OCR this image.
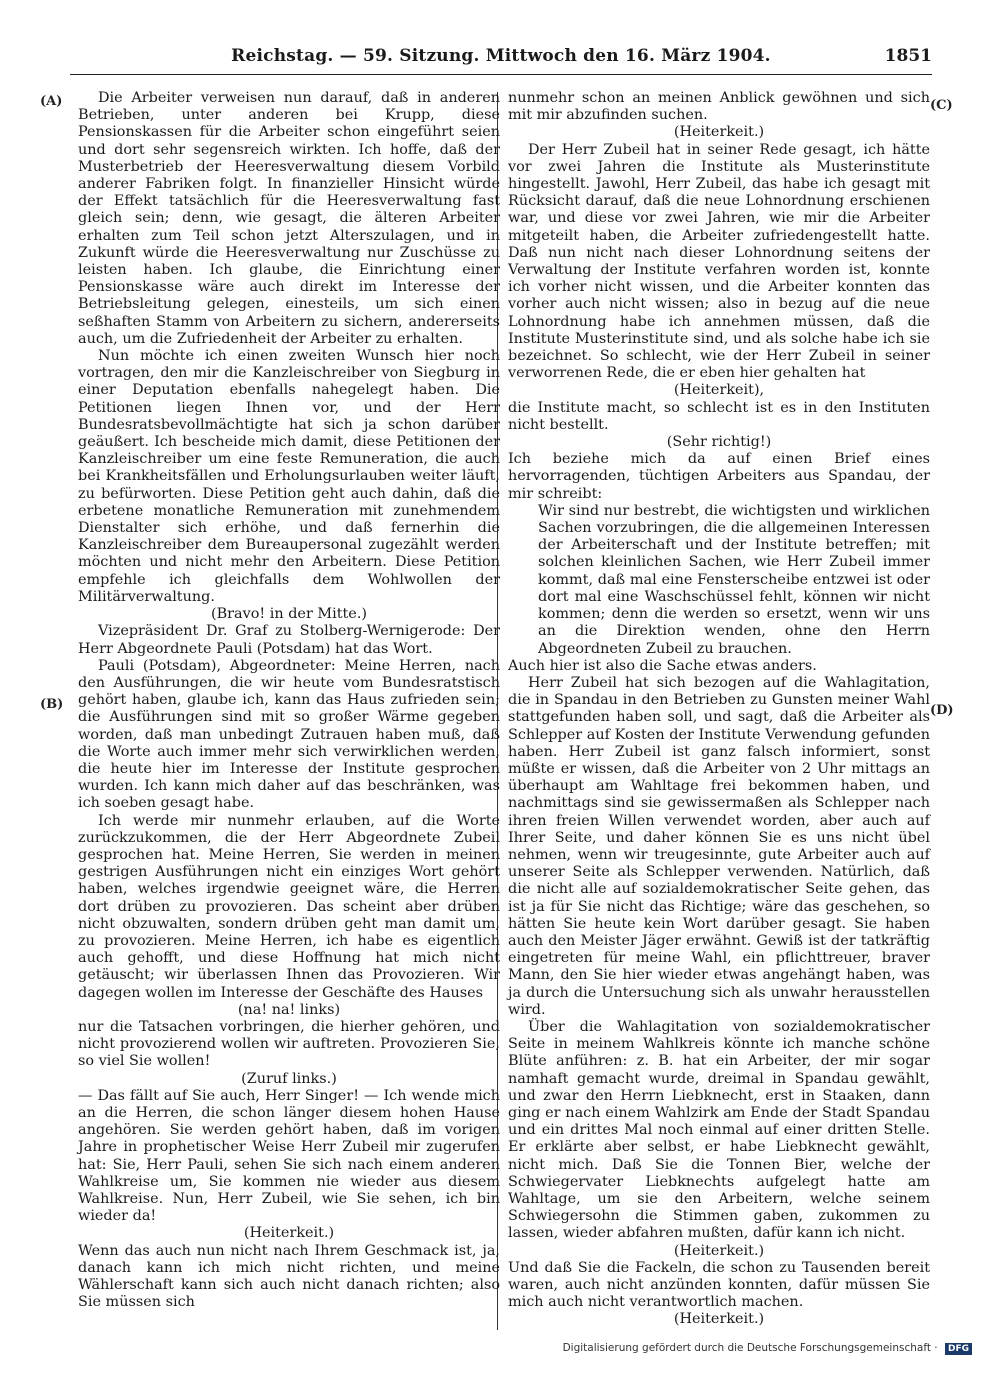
Reichstag. — 59. Sitzung. Mittwoch den 16. März 1904.	1851
(A)
(B)
(C)
(D)

Die Arbeiter verweisen nun darauf, daß in anderen Betrieben, unter anderen bei Krupp, diese Pensionskassen für die Arbeiter schon eingeführt seien und dort sehr segensreich wirkten. Ich hoffe, daß der Musterbetrieb der Heeresverwaltung diesem Vorbild anderer Fabriken folgt. In finanzieller Hinsicht würde der Effekt tatsächlich für die Heeresverwaltung fast gleich sein; denn, wie gesagt, die älteren Arbeiter erhalten zum Teil schon jetzt Alterszulagen, und in Zukunft würde die Heeresverwaltung nur Zuschüsse zu leisten haben. Ich glaube, die Einrichtung einer Pensionskasse wäre auch direkt im Interesse der Betriebsleitung gelegen, einesteils, um sich einen seßhaften Stamm von Arbeitern zu sichern, andererseits auch, um die Zufriedenheit der Arbeiter zu erhalten.

Nun möchte ich einen zweiten Wunsch hier noch vortragen, den mir die Kanzleischreiber von Siegburg in einer Deputation ebenfalls nahegelegt haben. Die Petitionen liegen Ihnen vor, und der Herr Bundesratsbevollmächtigte hat sich ja schon darüber geäußert. Ich bescheide mich damit, diese Petitionen der Kanzleischreiber um eine feste Remuneration, die auch bei Krankheitsfällen und Erholungsurlauben weiter läuft, zu befürworten. Diese Petition geht auch dahin, daß die erbetene monatliche Remuneration mit zunehmendem Dienstalter sich erhöhe, und daß fernerhin die Kanzleischreiber dem Bureaupersonal zugezählt werden möchten und nicht mehr den Arbeitern. Diese Petition empfehle ich gleichfalls dem Wohlwollen der Militärverwaltung.

(Bravo! in der Mitte.)

Vizepräsident Dr. Graf zu Stolberg-Wernigerode: Der Herr Abgeordnete Pauli (Potsdam) hat das Wort.

Pauli (Potsdam), Abgeordneter: Meine Herren, nach den Ausführungen, die wir heute vom Bundesratstisch gehört haben, glaube ich, kann das Haus zufrieden sein; die Ausführungen sind mit so großer Wärme gegeben worden, daß man unbedingt Zutrauen haben muß, daß die Worte auch immer mehr sich verwirklichen werden, die heute hier im Interesse der Institute gesprochen wurden. Ich kann mich daher auf das beschränken, was ich soeben gesagt habe.

Ich werde mir nunmehr erlauben, auf die Worte zurückzukommen, die der Herr Abgeordnete Zubeil gesprochen hat. Meine Herren, Sie werden in meinen gestrigen Ausführungen nicht ein einziges Wort gehört haben, welches irgendwie geeignet wäre, die Herren dort drüben zu provozieren. Das scheint aber drüben nicht obzuwalten, sondern drüben geht man damit um, zu provozieren. Meine Herren, ich habe es eigentlich auch gehofft, und diese Hoffnung hat mich nicht getäuscht; wir überlassen Ihnen das Provozieren. Wir dagegen wollen im Interesse der Geschäfte des Hauses

(na! na! links)

nur die Tatsachen vorbringen, die hierher gehören, und nicht provozierend wollen wir auftreten. Provozieren Sie, so viel Sie wollen!

(Zuruf links.)

— Das fällt auf Sie auch, Herr Singer! — Ich wende mich an die Herren, die schon länger diesem hohen Hause angehören. Sie werden gehört haben, daß im vorigen Jahre in prophetischer Weise Herr Zubeil mir zugerufen hat: Sie, Herr Pauli, sehen Sie sich nach einem anderen Wahlkreise um, Sie kommen nie wieder aus diesem Wahlkreise. Nun, Herr Zubeil, wie Sie sehen, ich bin wieder da!

(Heiterkeit.)

Wenn das auch nun nicht nach Ihrem Geschmack ist, ja, danach kann ich mich nicht richten, und meine Wählerschaft kann sich auch nicht danach richten; also Sie müssen sich

nunmehr schon an meinen Anblick gewöhnen und sich mit mir abzufinden suchen.

(Heiterkeit.)

Der Herr Zubeil hat in seiner Rede gesagt, ich hätte vor zwei Jahren die Institute als Musterinstitute hingestellt. Jawohl, Herr Zubeil, das habe ich gesagt mit Rücksicht darauf, daß die neue Lohnordnung erschienen war, und diese vor zwei Jahren, wie mir die Arbeiter mitgeteilt haben, die Arbeiter zufriedengestellt hatte. Daß nun nicht nach dieser Lohnordnung seitens der Verwaltung der Institute verfahren worden ist, konnte ich vorher nicht wissen, und die Arbeiter konnten das vorher auch nicht wissen; also in bezug auf die neue Lohnordnung habe ich annehmen müssen, daß die Institute Musterinstitute sind, und als solche habe ich sie bezeichnet. So schlecht, wie der Herr Zubeil in seiner verworrenen Rede, die er eben hier gehalten hat

(Heiterkeit),

die Institute macht, so schlecht ist es in den Instituten nicht bestellt.

(Sehr richtig!)

Ich beziehe mich da auf einen Brief eines hervorragenden, tüchtigen Arbeiters aus Spandau, der mir schreibt:

Wir sind nur bestrebt, die wichtigsten und wirklichen Sachen vorzubringen, die die allgemeinen Interessen der Arbeiterschaft und der Institute betreffen; mit solchen kleinlichen Sachen, wie Herr Zubeil immer kommt, daß mal eine Fensterscheibe entzwei ist oder dort mal eine Waschschüssel fehlt, können wir nicht kommen; denn die werden so ersetzt, wenn wir uns an die Direktion wenden, ohne den Herrn Abgeordneten Zubeil zu brauchen.

Auch hier ist also die Sache etwas anders.

Herr Zubeil hat sich bezogen auf die Wahlagitation, die in Spandau in den Betrieben zu Gunsten meiner Wahl stattgefunden haben soll, und sagt, daß die Arbeiter als Schlepper auf Kosten der Institute Verwendung gefunden haben. Herr Zubeil ist ganz falsch informiert, sonst müßte er wissen, daß die Arbeiter von 2 Uhr mittags an überhaupt am Wahltage frei bekommen haben, und nachmittags sind sie gewissermaßen als Schlepper nach ihren freien Willen verwendet worden, aber auch auf Ihrer Seite, und daher können Sie es uns nicht übel nehmen, wenn wir treugesinnte, gute Arbeiter auch auf unserer Seite als Schlepper verwenden. Natürlich, daß die nicht alle auf sozialdemokratischer Seite gehen, das ist ja für Sie nicht das Richtige; wäre das geschehen, so hätten Sie heute kein Wort darüber gesagt. Sie haben auch den Meister Jäger erwähnt. Gewiß ist der tatkräftig eingetreten für meine Wahl, ein pflichttreuer, braver Mann, den Sie hier wieder etwas angehängt haben, was ja durch die Untersuchung sich als unwahr herausstellen wird.

Über die Wahlagitation von sozialdemokratischer Seite in meinem Wahlkreis könnte ich manche schöne Blüte anführen: z. B. hat ein Arbeiter, der mir sogar namhaft gemacht wurde, dreimal in Spandau gewählt, und zwar den Herrn Liebknecht, erst in Staaken, dann ging er nach einem Wahlzirk am Ende der Stadt Spandau und ein drittes Mal noch einmal auf einer dritten Stelle. Er erklärte aber selbst, er habe Liebknecht gewählt, nicht mich. Daß Sie die Tonnen Bier, welche der Schwiegervater Liebknechts aufgelegt hatte am Wahltage, um sie den Arbeitern, welche seinem Schwiegersohn die Stimmen gaben, zukommen zu lassen, wieder abfahren mußten, dafür kann ich nicht.

(Heiterkeit.)

Und daß Sie die Fackeln, die schon zu Tausenden bereit waren, auch nicht anzünden konnten, dafür müssen Sie mich auch nicht verantwortlich machen.

(Heiterkeit.)

Digitalisierung gefördert durch die Deutsche Forschungsgemeinschaft · DFG
